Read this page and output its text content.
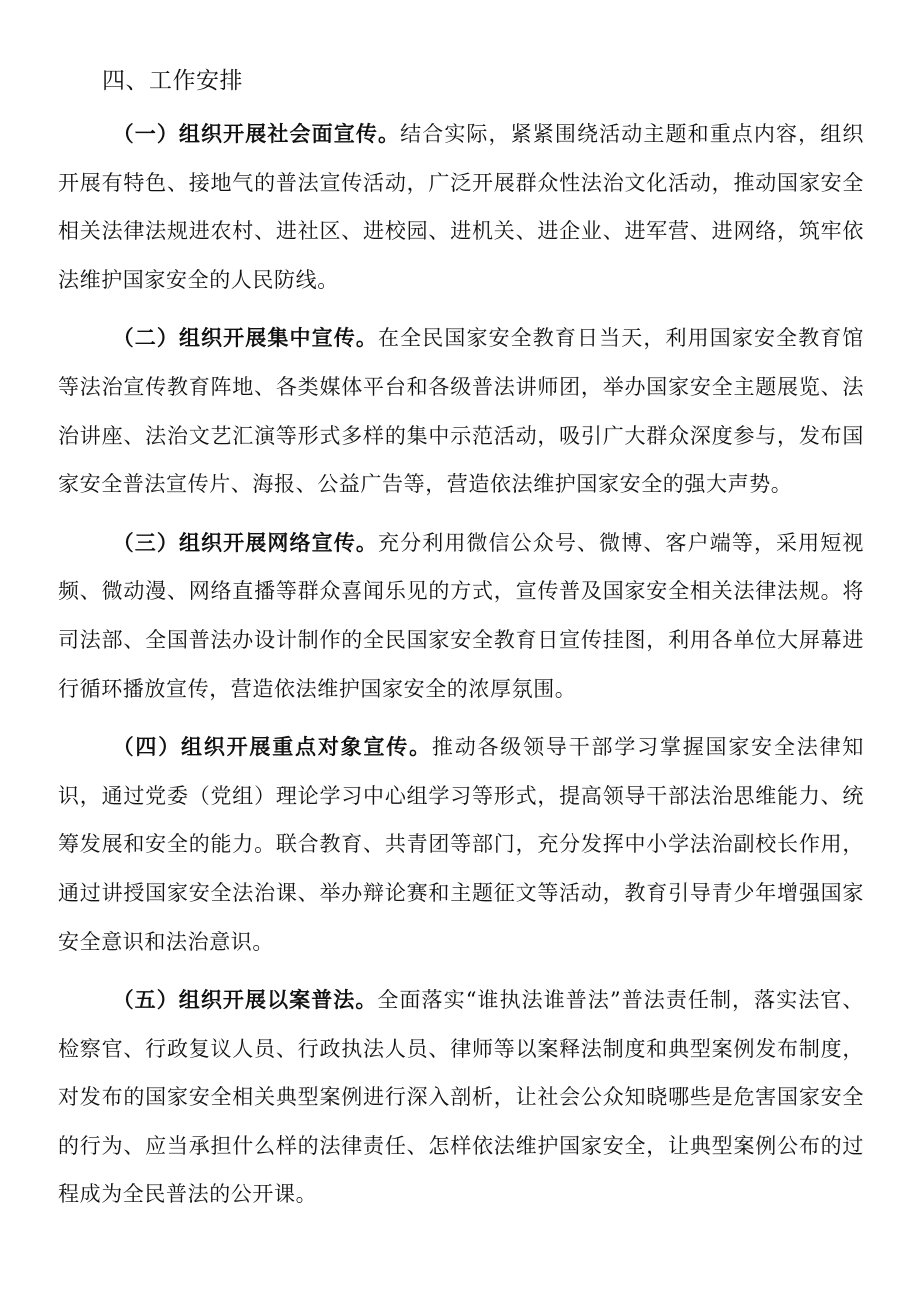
四、工作安排

（一）组织开展社会面宣传。结合实际，紧紧围绕活动主题和重点内容，组织开展有特色、接地气的普法宣传活动，广泛开展群众性法治文化活动，推动国家安全相关法律法规进农村、进社区、进校园、进机关、进企业、进军营、进网络，筑牢依法维护国家安全的人民防线。

（二）组织开展集中宣传。在全民国家安全教育日当天，利用国家安全教育馆等法治宣传教育阵地、各类媒体平台和各级普法讲师团，举办国家安全主题展览、法治讲座、法治文艺汇演等形式多样的集中示范活动，吸引广大群众深度参与，发布国家安全普法宣传片、海报、公益广告等，营造依法维护国家安全的强大声势。

（三）组织开展网络宣传。充分利用微信公众号、微博、客户端等，采用短视频、微动漫、网络直播等群众喜闻乐见的方式，宣传普及国家安全相关法律法规。将司法部、全国普法办设计制作的全民国家安全教育日宣传挂图，利用各单位大屏幕进行循环播放宣传，营造依法维护国家安全的浓厚氛围。

（四）组织开展重点对象宣传。推动各级领导干部学习掌握国家安全法律知识，通过党委（党组）理论学习中心组学习等形式，提高领导干部法治思维能力、统筹发展和安全的能力。联合教育、共青团等部门，充分发挥中小学法治副校长作用，通过讲授国家安全法治课、举办辩论赛和主题征文等活动，教育引导青少年增强国家安全意识和法治意识。

（五）组织开展以案普法。全面落实“谁执法谁普法”普法责任制，落实法官、检察官、行政复议人员、行政执法人员、律师等以案释法制度和典型案例发布制度，对发布的国家安全相关典型案例进行深入剖析，让社会公众知晓哪些是危害国家安全的行为、应当承担什么样的法律责任、怎样依法维护国家安全，让典型案例公布的过程成为全民普法的公开课。
